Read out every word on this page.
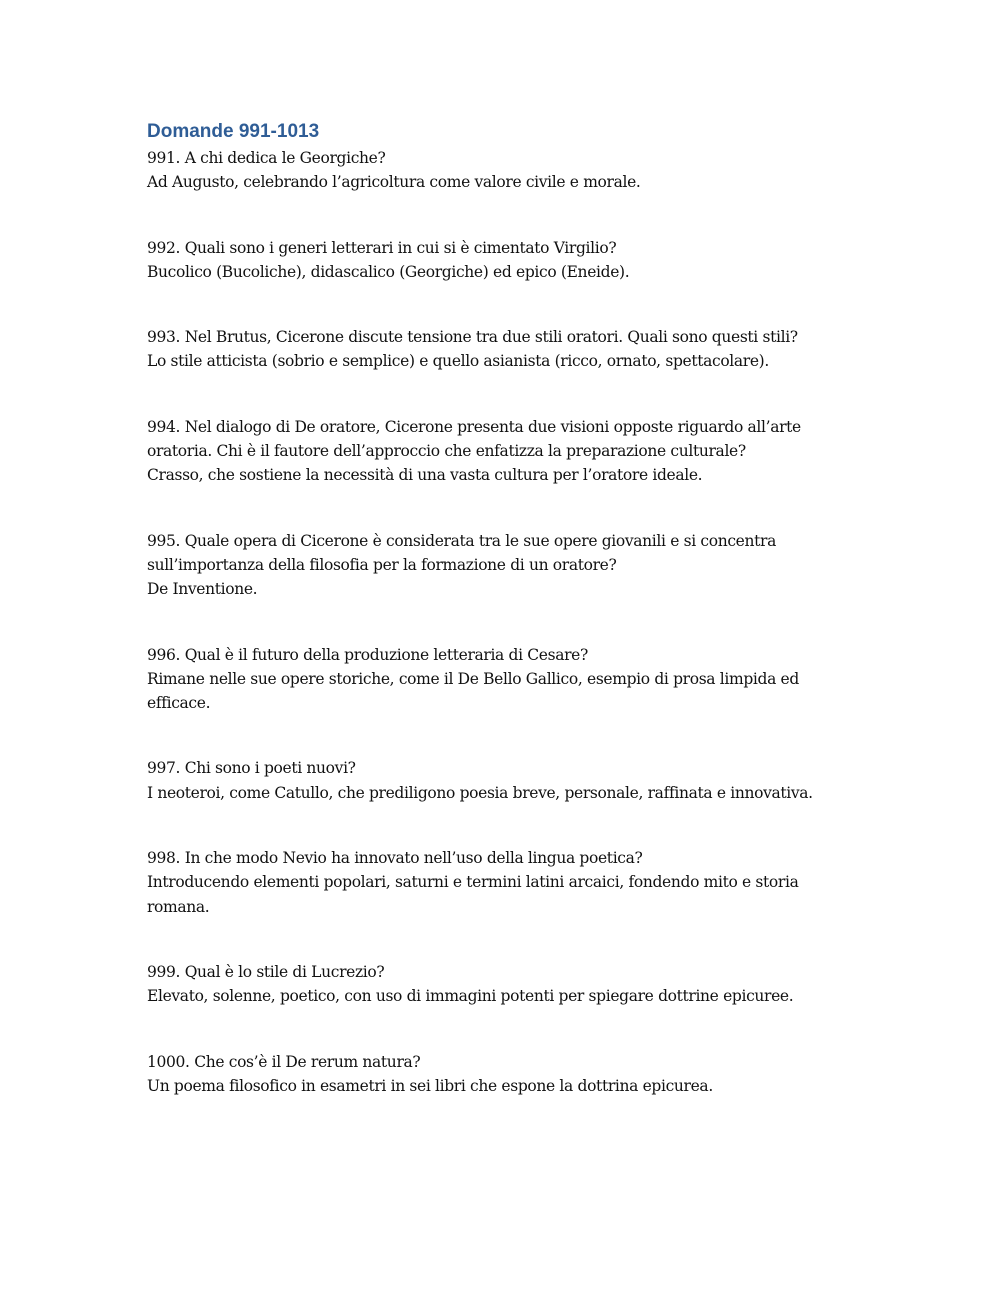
Domande 991-1013

991. A chi dedica le Georgiche?

Ad Augusto, celebrando l’agricoltura come valore civile e morale.

992. Quali sono i generi letterari in cui si è cimentato Virgilio?

Bucolico (Bucoliche), didascalico (Georgiche) ed epico (Eneide).

993. Nel Brutus, Cicerone discute tensione tra due stili oratori. Quali sono questi stili?

Lo stile atticista (sobrio e semplice) e quello asianista (ricco, ornato, spettacolare).

994. Nel dialogo di De oratore, Cicerone presenta due visioni opposte riguardo all’arte oratoria. Chi è il fautore dell’approccio che enfatizza la preparazione culturale?

Crasso, che sostiene la necessità di una vasta cultura per l’oratore ideale.

995. Quale opera di Cicerone è considerata tra le sue opere giovanili e si concentra sull’importanza della filosofia per la formazione di un oratore?

De Inventione.

996. Qual è il futuro della produzione letteraria di Cesare?

Rimane nelle sue opere storiche, come il De Bello Gallico, esempio di prosa limpida ed efficace.

997. Chi sono i poeti nuovi?

I neoteroi, come Catullo, che prediligono poesia breve, personale, raffinata e innovativa.

998. In che modo Nevio ha innovato nell’uso della lingua poetica?

Introducendo elementi popolari, saturni e termini latini arcaici, fondendo mito e storia romana.

999. Qual è lo stile di Lucrezio?

Elevato, solenne, poetico, con uso di immagini potenti per spiegare dottrine epicuree.

1000. Che cos’è il De rerum natura?

Un poema filosofico in esametri in sei libri che espone la dottrina epicurea.
